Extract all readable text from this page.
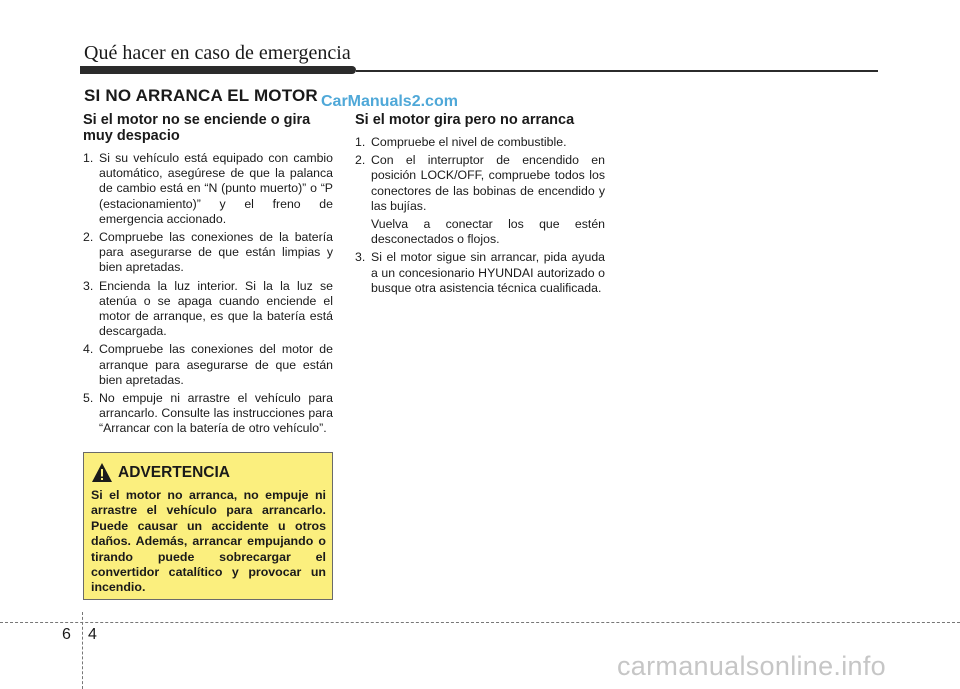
Qué hacer en caso de emergencia
SI NO ARRANCA EL MOTOR CarManuals2.com
Si el motor no se enciende o gira muy despacio
1. Si su vehículo está equipado con cambio automático, asegúrese de que la palanca de cambio está en “N (punto muerto)” o “P (estacionamiento)” y el freno de emergencia accionado.
2. Compruebe las conexiones de la batería para asegurarse de que están limpias y bien apretadas.
3. Encienda la luz interior. Si la la luz se atenúa o se apaga cuando enciende el motor de arranque, es que la batería está descargada.
4. Compruebe las conexiones del motor de arranque para asegurarse de que están bien apretadas.
5. No empuje ni arrastre el vehículo para arrancarlo. Consulte las instrucciones para “Arrancar con la batería de otro vehículo”.
Si el motor gira pero no arranca
1. Compruebe el nivel de combustible.
2. Con el interruptor de encendido en posición LOCK/OFF, compruebe todos los conectores de las bobinas de encendido y las bujías.
Vuelva a conectar los que estén desconectados o flojos.
3. Si el motor sigue sin arrancar, pida ayuda a un concesionario HYUNDAI autorizado o busque otra asistencia técnica cualificada.
ADVERTENCIA
Si el motor no arranca, no empuje ni arrastre el vehículo para arrancarlo. Puede causar un accidente u otros daños. Además, arrancar empujando o tirando puede sobrecargar el convertidor catalítico y provocar un incendio.
6 4
carmanualsonline.info
